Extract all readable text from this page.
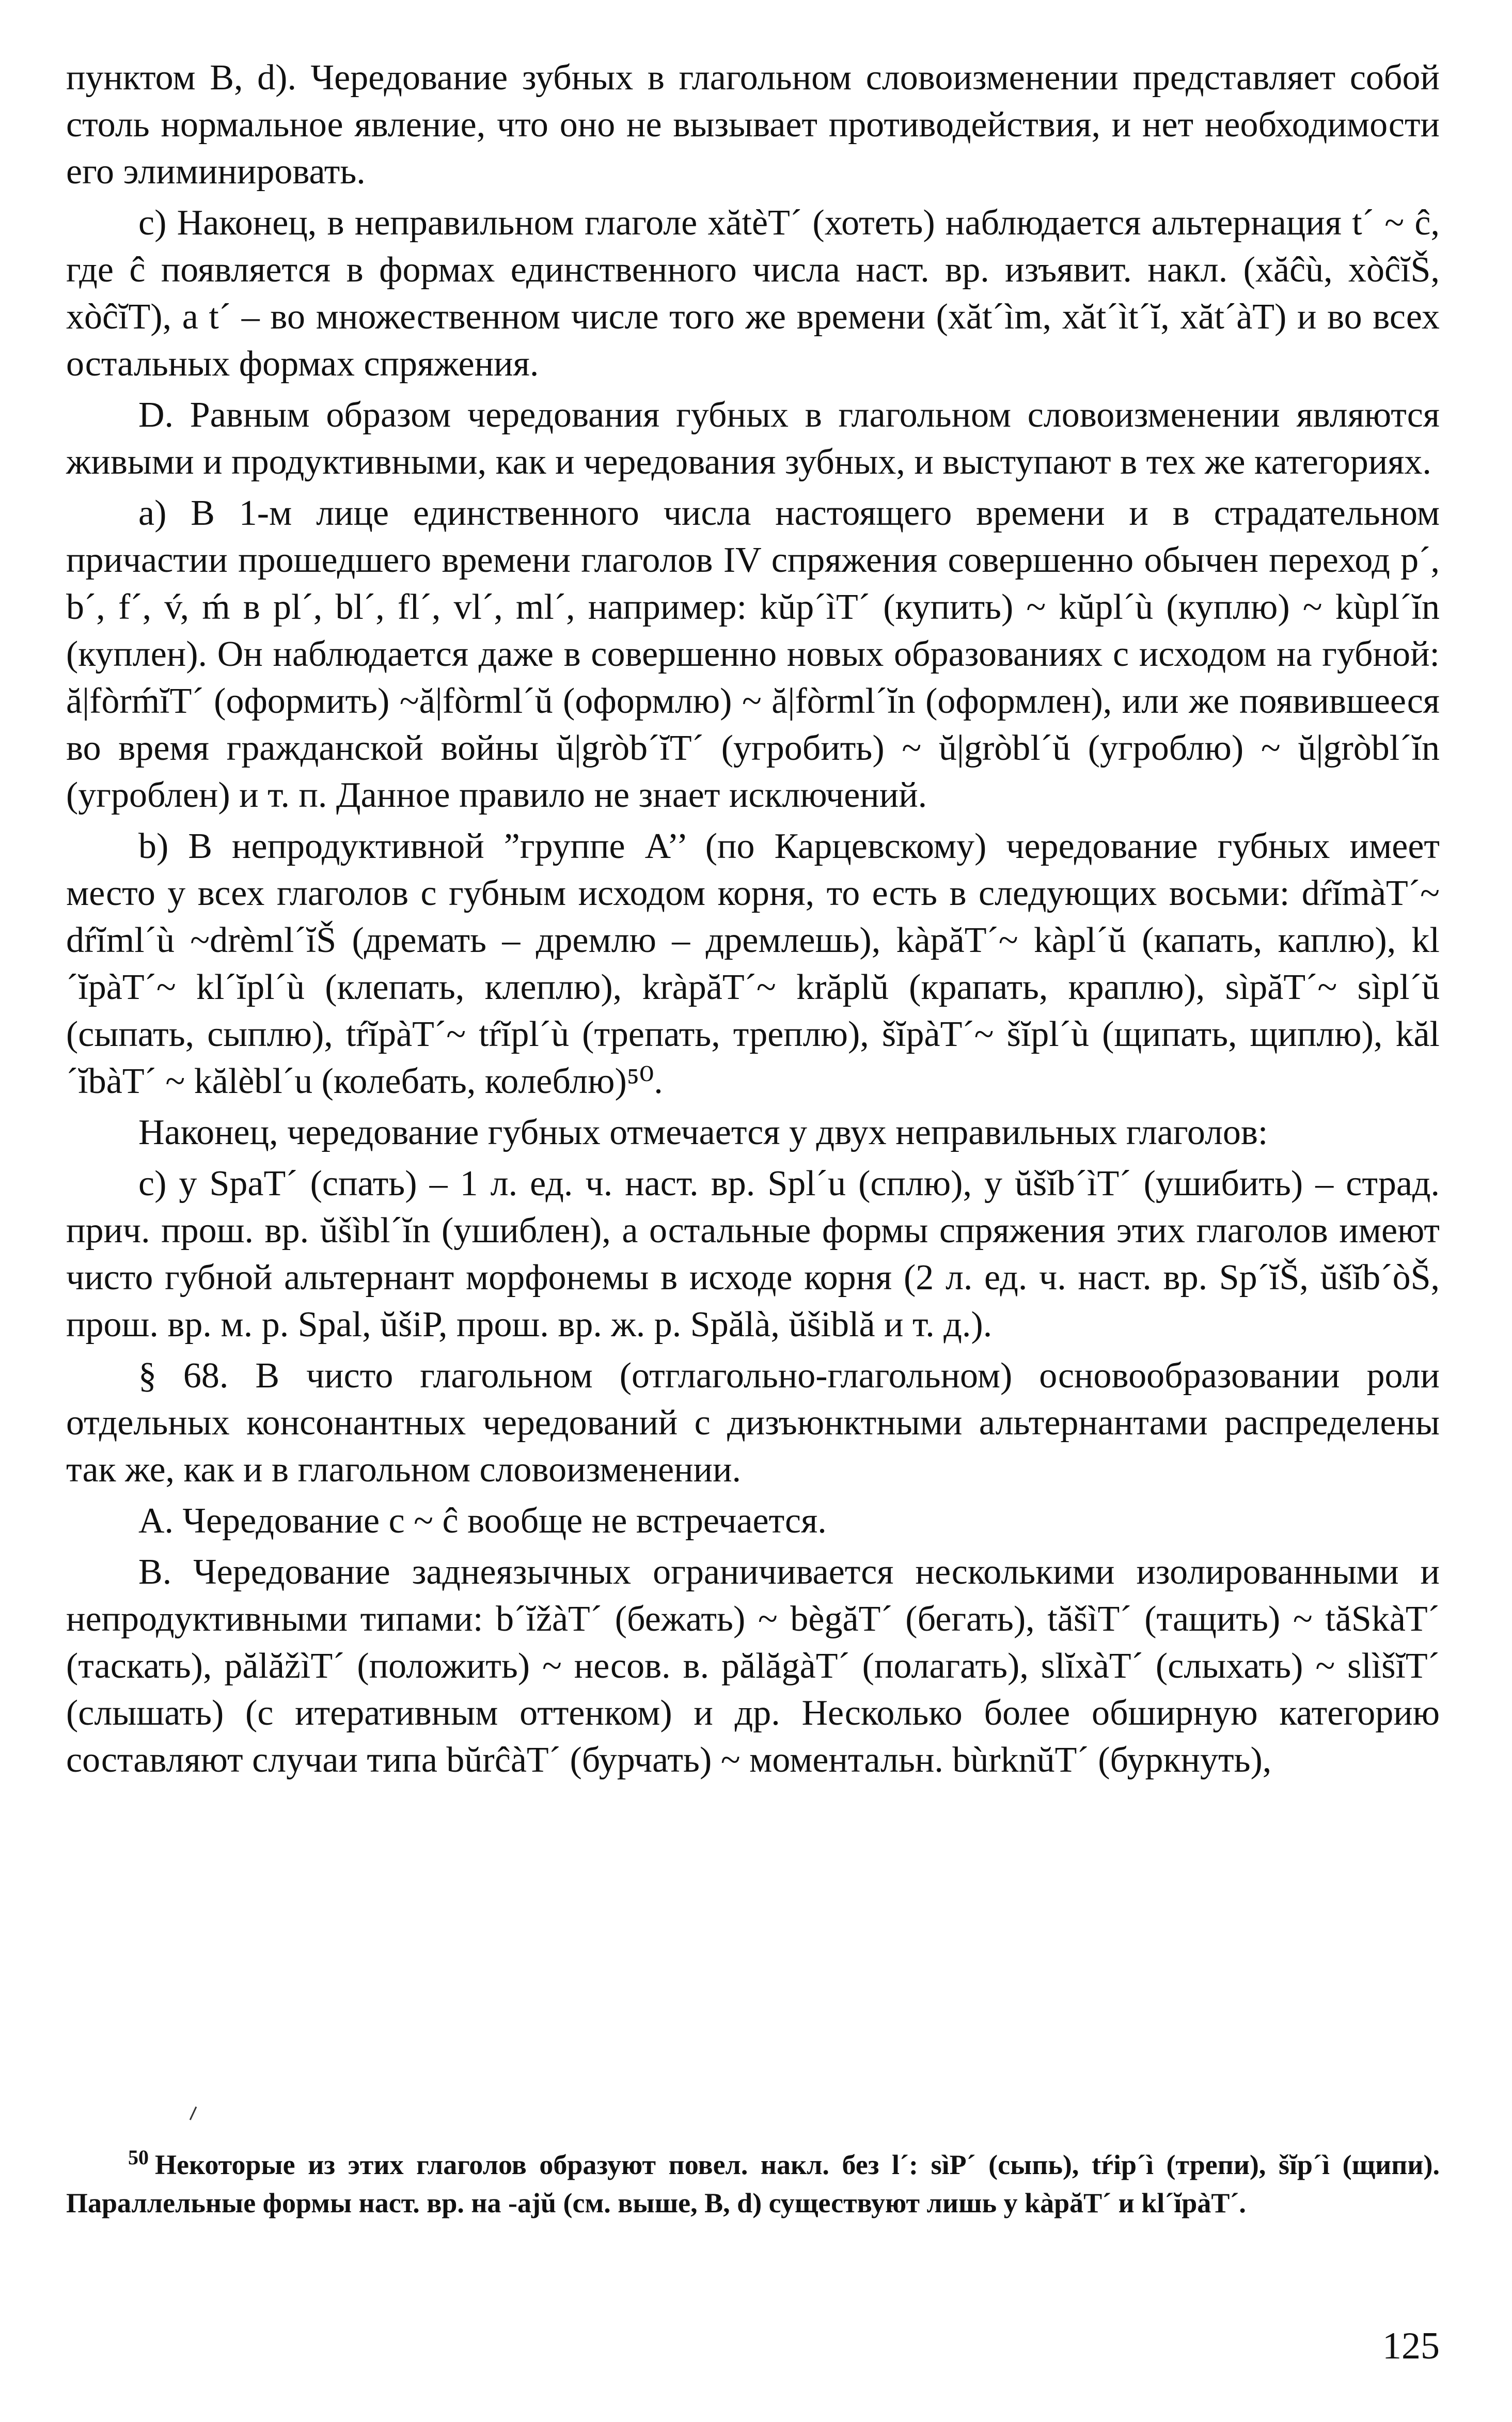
пунктом B, d). Чередование зубных в глагольном словоизменении представляет собой столь нормальное явление, что оно не вызывает противодействия, и нет необходимости его элиминировать.

c) Наконец, в неправильном глаголе xătèT´ (хотеть) наблюдается альтернация t´ ~ ĉ, где ĉ появляется в формах единственного числа наст. вр. изъявит. накл. (xăĉù, xòĉĭŠ, xòĉĭT), a t´ – во множественном числе того же времени (xăt´ìm, xăt´ìt´ĭ, xăt´àT) и во всех остальных формах спряжения.

D. Равным образом чередования губных в глагольном словоизменении являются живыми и продуктивными, как и чередования зубных, и выступают в тех же категориях.

a) В 1-м лице единственного числа настоящего времени и в страдательном причастии прошедшего времени глаголов IV спряжения совершенно обычен переход p´, b´, f´, v́, ḿ в pl´, bl´, fl´, vl´, ml´, например: kŭp´ìT´ (купить) ~ kŭpl´ù (куплю) ~ kùpl´ĭn (куплен). Он наблюдается даже в совершенно новых образованиях с исходом на губной: ă|fòrḿĭT´ (оформить) ~ă|fòrml´ŭ (оформлю) ~ ă|fòrml´ĭn (оформлен), или же появившееся во время гражданской войны ŭ|gròb´ĭT´ (угробить) ~ ŭ|gròbl´ŭ (угроблю) ~ ŭ|gròbl´ĭn (угроблен) и т. п. Данное правило не знает исключений.

b) В непродуктивной ”группе A’’ (по Карцевскому) чередование губных имеет место у всех глаголов с губным исходом корня, то есть в следующих восьми: dŕĭmàT´~ dŕĭml´ù ~drèml´ĭŠ (дремать – дремлю – дремлешь), kàpăT´~ kàpl´ŭ (капать, каплю), kl´ĭpàT´~ kl´ĭpl´ù (клепать, клеплю), kràpăT´~ krăplŭ (крапать, краплю), sìpăT´~ sìpl´ŭ (сыпать, сыплю), tŕĭpàT´~ tŕĭpl´ù (трепать, треплю), šĭpàT´~ šĭpl´ù (щипать, щиплю), kăl´ĭbàT´ ~ kălèbl´u (колебать, колеблю)⁵⁰.

Наконец, чередование губных отмечается у двух неправильных глаголов:

c) у SpaT´ (спать) – 1 л. ед. ч. наст. вр. Spl´u (сплю), у ŭšĭb´ìT´ (ушибить) – страд. прич. прош. вр. ŭšìbl´ĭn (ушиблен), а остальные формы спряжения этих глаголов имеют чисто губной альтернант морфонемы в исходе корня (2 л. ед. ч. наст. вр. Sp´ĭŠ, ŭšĭb´òŠ, прош. вр. м. р. Spal, ŭšiP, прош. вр. ж. р. Spălà, ŭšiblă и т. д.).

§ 68. В чисто глагольном (отглагольно-глагольном) основообразовании роли отдельных консонантных чередований с дизъюнктными альтернантами распределены так же, как и в глагольном словоизменении.

A. Чередование c ~ ĉ вообще не встречается.

B. Чередование заднеязычных ограничивается несколькими изолированными и непродуктивными типами: b´ĭžàT´ (бежать) ~ bègăT´ (бегать), tăšìT´ (тащить) ~ tăSkàT´ (таскать), pălăžìT´ (положить) ~ несов. в. pălăgàT´ (полагать), slĭxàT´ (слыхать) ~ slìšĭT´ (слышать) (с итеративным оттенком) и др. Несколько более обширную категорию составляют случаи типа bŭrĉàT´ (бурчать) ~ моментальн. bùrknŭT´ (буркнуть),

$^{50}$ Некоторые из этих глаголов образуют повел. накл. без l´: sìP´ (сыпь), tŕip´ì (трепи), šĭp´ì (щипи). Параллельные формы наст. вр. на -ajŭ (см. выше, B, d) существуют лишь у kàpăT´ и kl´ĭpàT´.
125
